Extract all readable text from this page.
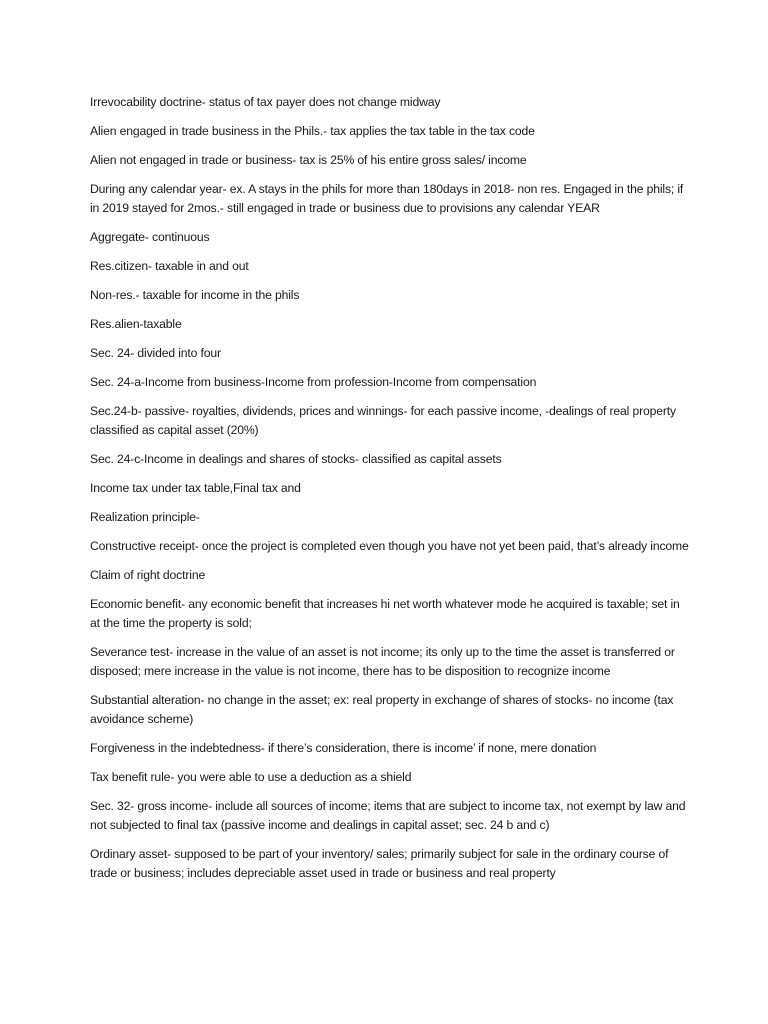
Irrevocability doctrine- status of tax payer does not change midway

Alien engaged in trade business in the Phils.- tax applies the tax table in the tax code

Alien not engaged in trade or business- tax is 25% of his entire gross sales/ income

During any calendar year- ex. A stays in the phils for more than 180days in 2018- non res. Engaged in the phils; if in 2019 stayed for 2mos.- still engaged in trade or business due to provisions any calendar YEAR

Aggregate- continuous

Res.citizen- taxable in and out

Non-res.- taxable for income in the phils

Res.alien-taxable

Sec. 24- divided into four

Sec. 24-a-Income from business-Income from profession-Income from compensation

Sec.24-b- passive- royalties, dividends, prices and winnings- for each passive income, -dealings of real property classified as capital asset (20%)

Sec. 24-c-Income in dealings and shares of stocks- classified as capital assets

Income tax under tax table,Final tax and

Realization principle-

Constructive receipt- once the project is completed even though you have not yet been paid, that’s already income

Claim of right doctrine

Economic benefit- any economic benefit that increases hi net worth whatever mode he acquired is taxable; set in at the time the property is sold;

Severance test- increase in the value of an asset is not income; its only up to the time the asset is transferred or disposed; mere increase in the value is not income, there has to be disposition to recognize income

Substantial alteration- no change in the asset; ex: real property in exchange of shares of stocks- no income (tax avoidance scheme)

Forgiveness in the indebtedness- if there’s consideration, there is income’ if none, mere donation

Tax benefit rule- you were able to use a deduction as a shield

Sec. 32- gross income- include all sources of income; items that are subject to income tax, not exempt by law and not subjected to final tax (passive income and dealings in capital asset; sec. 24 b and c)

Ordinary asset- supposed to be part of your inventory/ sales; primarily subject for sale in the ordinary course of trade or business; includes depreciable asset used in trade or business and real property
